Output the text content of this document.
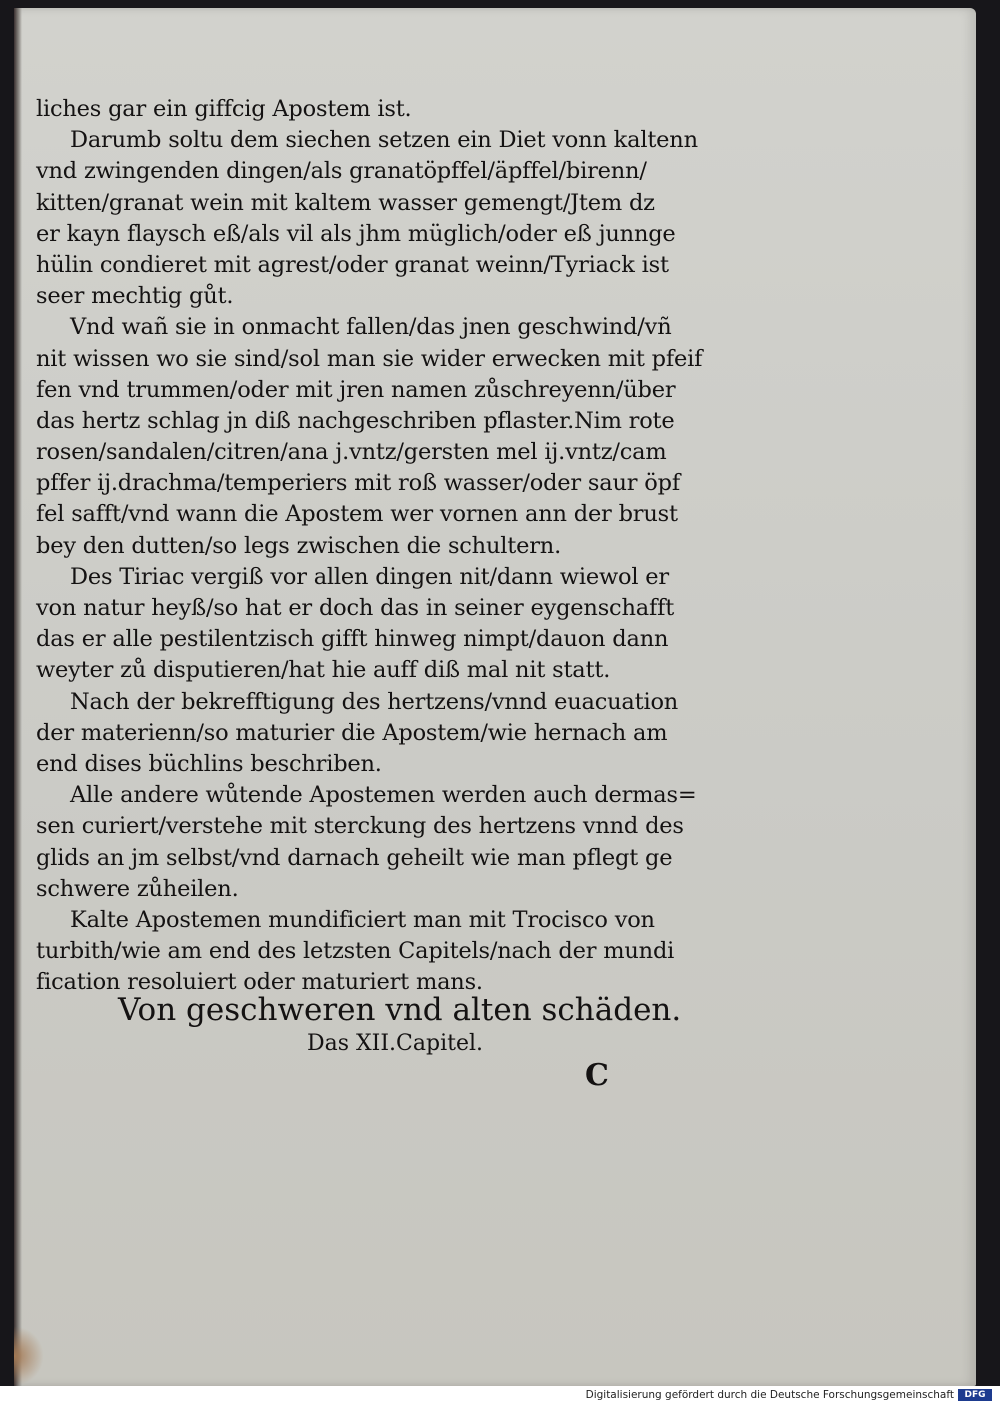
liches gar ein giffcig Apostem ist.
Darumb soltu dem siechen setzen ein Diet vonn kaltenn
vnd zwingenden dingen/als granatöpffel/äpffel/birenn/
kitten/granat wein mit kaltem wasser gemengt/Jtem dz
er kayn flaysch eß/als vil als jhm müglich/oder eß junnge
hülin condieret mit agrest/oder granat weinn/Tyriack ist
seer mechtig gůt.
Vnd wañ sie in onmacht fallen/das jnen geschwind/vñ
nit wissen wo sie sind/sol man sie wider erwecken mit pfeif
fen vnd trummen/oder mit jren namen zůschreyenn/über
das hertz schlag jn diß nachgeschriben pflaster.Nim rote
rosen/sandalen/citren/ana j.vntz/gersten mel ij.vntz/cam
pffer ij.drachma/temperiers mit roß wasser/oder saur öpf
fel safft/vnd wann die Apostem wer vornen ann der brust
bey den dutten/so legs zwischen die schultern.
Des Tiriac vergiß vor allen dingen nit/dann wiewol er
von natur heyß/so hat er doch das in seiner eygenschafft
das er alle pestilentzisch gifft hinweg nimpt/dauon dann
weyter zů disputieren/hat hie auff diß mal nit statt.
Nach der bekrefftigung des hertzens/vnnd euacuation
der materienn/so maturier die Apostem/wie hernach am
end dises büchlins beschriben.
Alle andere wůtende Apostemen werden auch dermas=
sen curiert/verstehe mit sterckung des hertzens vnnd des
glids an jm selbst/vnd darnach geheilt wie man pflegt ge
schwere zůheilen.
Kalte Apostemen mundificiert man mit Trocisco von
turbith/wie am end des letzsten Capitels/nach der mundi
fication resoluiert oder maturiert mans.
Von geschweren vnd alten schäden.
Das XII.Capitel.
C
Digitalisierung gefördert durch die Deutsche Forschungsgemeinschaft	DFG
